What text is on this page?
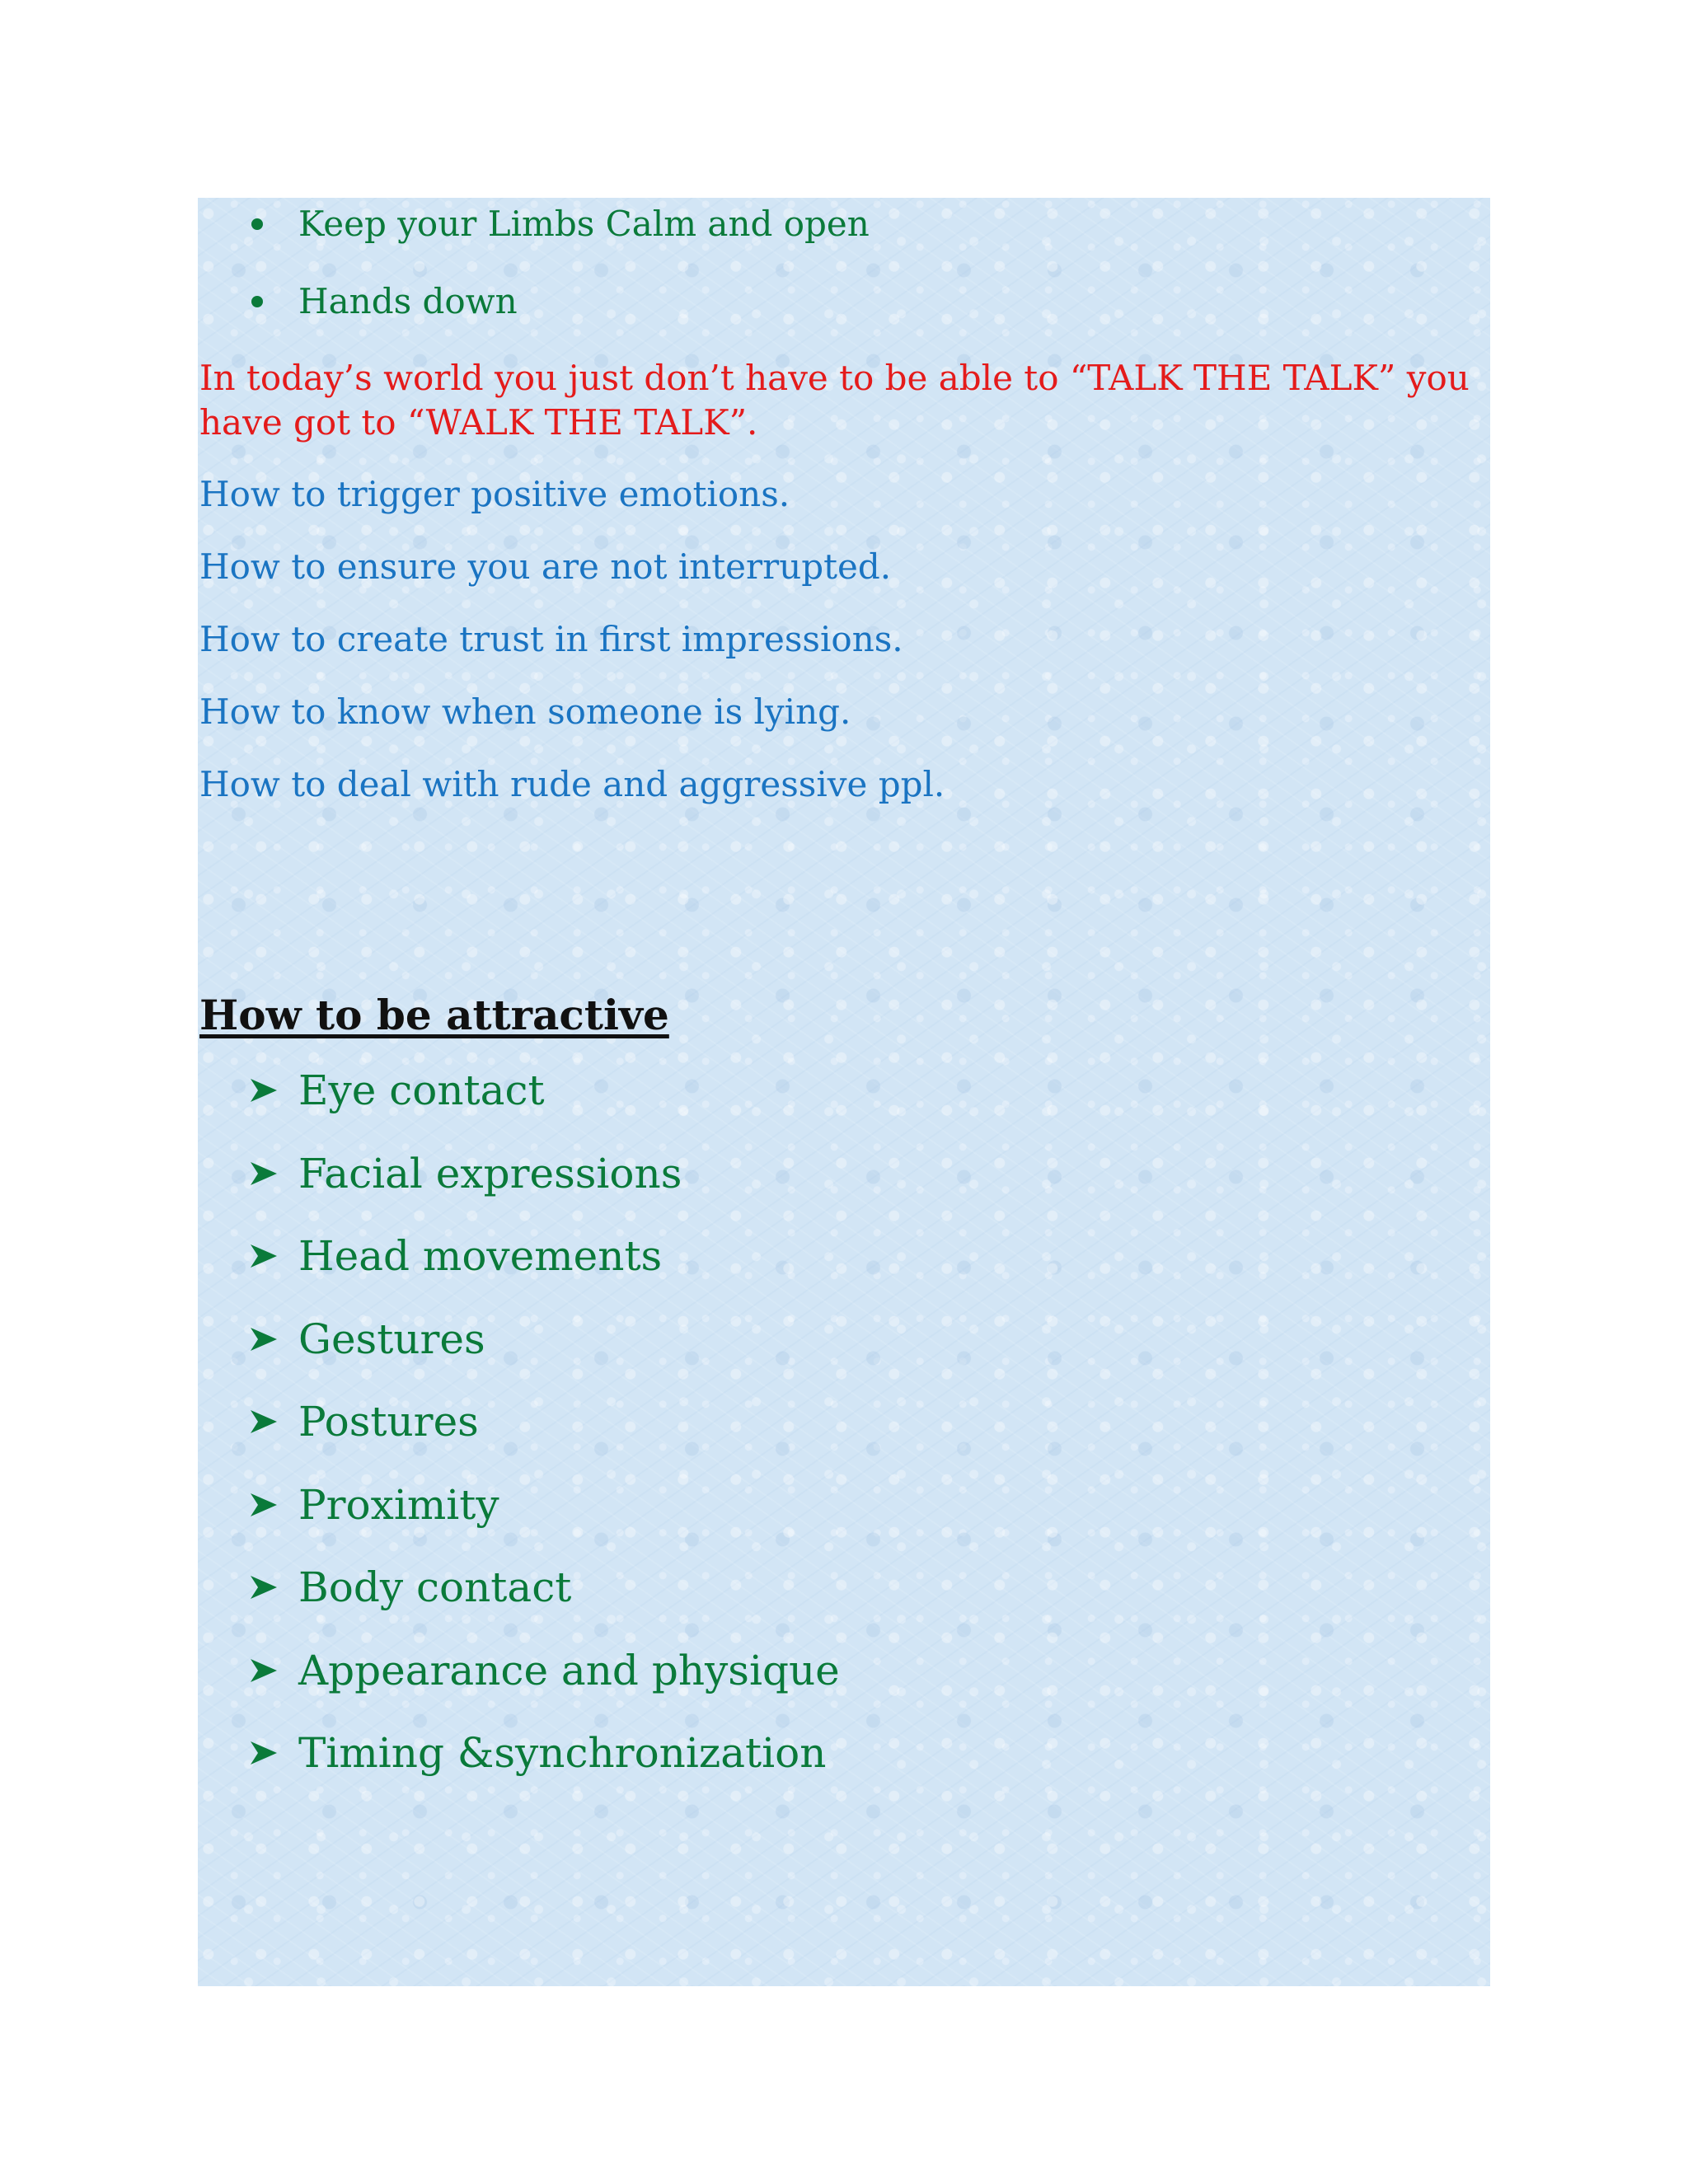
Keep your Limbs Calm and open
Hands down

In today’s world you just don’t have to be able to “TALK THE TALK” you have got to “WALK THE TALK”.

How to trigger positive emotions.

How to ensure you are not interrupted.

How to create trust in first impressions.

How to know when someone is lying.

How to deal with rude and aggressive ppl.

How to be attractive
Eye contact
Facial expressions
Head movements
Gestures
Postures
Proximity
Body contact
Appearance and physique
Timing &synchronization
